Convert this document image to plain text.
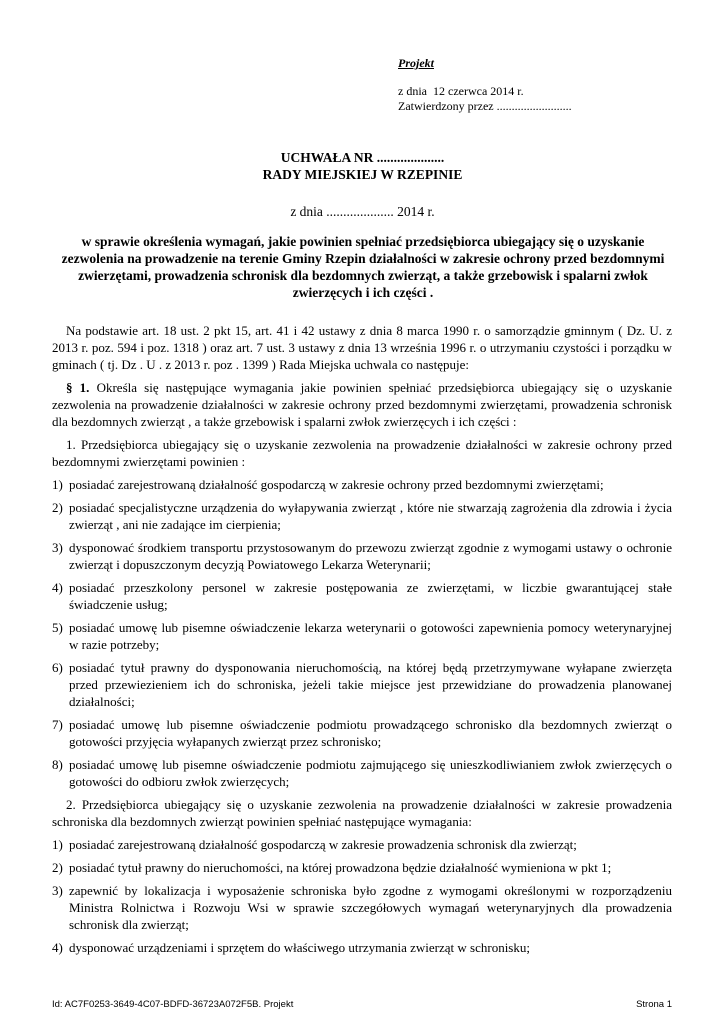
Projekt
z dnia  12 czerwca 2014 r.
Zatwierdzony przez .........................
UCHWAŁA NR ....................
RADY MIEJSKIEJ W RZEPINIE
z dnia .................... 2014 r.
w sprawie określenia wymagań, jakie powinien spełniać przedsiębiorca ubiegający się o uzyskanie zezwolenia na prowadzenie na terenie Gminy Rzepin działalności w zakresie ochrony przed bezdomnymi zwierzętami, prowadzenia schronisk dla bezdomnych zwierząt, a także grzebowisk i spalarni zwłok zwierzęcych i ich części .

Na podstawie art. 18 ust. 2 pkt 15, art. 41 i 42 ustawy z dnia 8 marca 1990 r. o samorządzie gminnym ( Dz. U. z 2013 r. poz. 594 i poz. 1318 ) oraz art. 7 ust. 3 ustawy z dnia 13 września 1996 r. o utrzymaniu czystości i porządku w gminach ( tj. Dz . U . z 2013 r. poz . 1399 ) Rada Miejska uchwala co następuje:

§ 1. Określa się następujące wymagania jakie powinien spełniać przedsiębiorca ubiegający się o uzyskanie zezwolenia na prowadzenie działalności w zakresie ochrony przed bezdomnymi zwierzętami, prowadzenia schronisk dla bezdomnych zwierząt , a także grzebowisk i spalarni zwłok zwierzęcych i ich części :

1. Przedsiębiorca ubiegający się o uzyskanie zezwolenia na prowadzenie działalności w zakresie ochrony przed bezdomnymi zwierzętami powinien :

1) posiadać zarejestrowaną działalność gospodarczą w zakresie ochrony przed bezdomnymi zwierzętami;
2) posiadać specjalistyczne urządzenia do wyłapywania zwierząt , które nie stwarzają zagrożenia dla zdrowia i życia zwierząt , ani nie zadające im cierpienia;
3) dysponować środkiem transportu przystosowanym do przewozu zwierząt zgodnie z wymogami ustawy o ochronie zwierząt i dopuszczonym decyzją Powiatowego Lekarza Weterynarii;
4) posiadać przeszkolony personel w zakresie postępowania ze zwierzętami, w liczbie gwarantującej stałe świadczenie usług;
5) posiadać umowę lub pisemne oświadczenie lekarza weterynarii o gotowości zapewnienia pomocy weterynaryjnej w razie potrzeby;
6) posiadać tytuł prawny do dysponowania nieruchomością, na której będą przetrzymywane wyłapane zwierzęta przed przewiezieniem ich do schroniska, jeżeli takie miejsce jest przewidziane do prowadzenia planowanej działalności;
7) posiadać umowę lub pisemne oświadczenie podmiotu prowadzącego schronisko dla bezdomnych zwierząt o gotowości przyjęcia wyłapanych zwierząt przez schronisko;
8) posiadać umowę lub pisemne oświadczenie podmiotu zajmującego się unieszkodliwianiem zwłok zwierzęcych o gotowości do odbioru zwłok zwierzęcych;

2. Przedsiębiorca ubiegający się o uzyskanie zezwolenia na prowadzenie działalności w zakresie prowadzenia schroniska dla bezdomnych zwierząt powinien spełniać następujące wymagania:

1) posiadać zarejestrowaną działalność gospodarczą w zakresie prowadzenia schronisk dla zwierząt;
2) posiadać tytuł prawny do nieruchomości, na której prowadzona będzie działalność wymieniona w pkt 1;
3) zapewnić by lokalizacja i wyposażenie schroniska było zgodne z wymogami określonymi w rozporządzeniu Ministra Rolnictwa i Rozwoju Wsi w sprawie szczegółowych wymagań weterynaryjnych dla prowadzenia schronisk dla zwierząt;
4) dysponować urządzeniami i sprzętem do właściwego utrzymania zwierząt w schronisku;
Id: AC7F0253-3649-4C07-BDFD-36723A072F5B. Projekt	Strona 1
